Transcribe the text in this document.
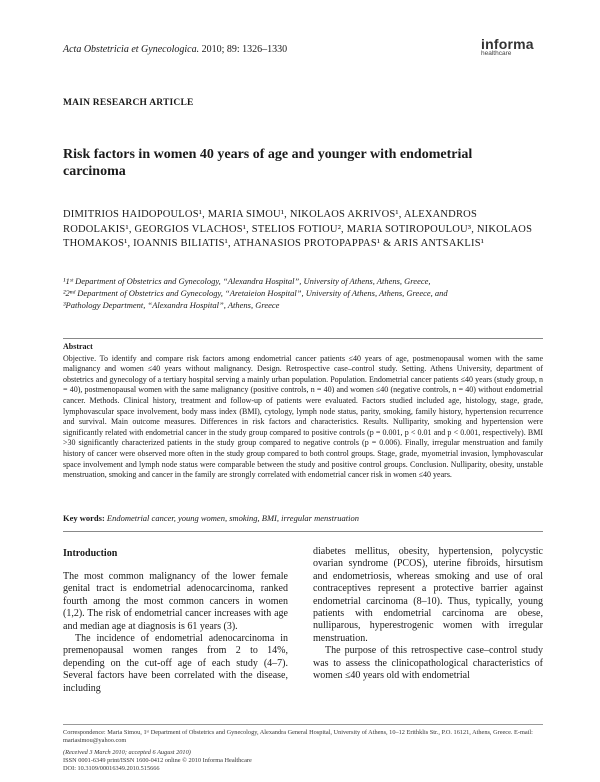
Acta Obstetricia et Gynecologica. 2010; 89: 1326–1330	informa
healthcare
MAIN RESEARCH ARTICLE
Risk factors in women 40 years of age and younger with endometrial carcinoma
DIMITRIOS HAIDOPOULOS¹, MARIA SIMOU¹, NIKOLAOS AKRIVOS¹, ALEXANDROS RODOLAKIS¹, GEORGIOS VLACHOS¹, STELIOS FOTIOU², MARIA SOTIROPOULOU³, NIKOLAOS THOMAKOS¹, IOANNIS BILIATIS¹, ATHANASIOS PROTOPAPPAS¹ & ARIS ANTSAKLIS¹
¹1ˢᵗ Department of Obstetrics and Gynecology, “Alexandra Hospital”, University of Athens, Athens, Greece,
²2ⁿᵈ Department of Obstetrics and Gynecology, “Aretaieion Hospital”, University of Athens, Athens, Greece, and
³Pathology Department, “Alexandra Hospital”, Athens, Greece
Abstract
Objective. To identify and compare risk factors among endometrial cancer patients ≤40 years of age, postmenopausal women with the same malignancy and women ≤40 years without malignancy. Design. Retrospective case–control study. Setting. Athens University, department of obstetrics and gynecology of a tertiary hospital serving a mainly urban population. Population. Endometrial cancer patients ≤40 years (study group, n = 40), postmenopausal women with the same malignancy (positive controls, n = 40) and women ≤40 (negative controls, n = 40) without endometrial cancer. Methods. Clinical history, treatment and follow-up of patients were evaluated. Factors studied included age, histology, stage, grade, lymphovascular space involvement, body mass index (BMI), cytology, lymph node status, parity, smoking, family history, hypertension recurrence and survival. Main outcome measures. Differences in risk factors and characteristics. Results. Nulliparity, smoking and hypertension were significantly related with endometrial cancer in the study group compared to positive controls (p = 0.001, p < 0.01 and p < 0.001, respectively). BMI >30 significantly characterized patients in the study group compared to negative controls (p = 0.006). Finally, irregular menstruation and family history of cancer were observed more often in the study group compared to both control groups. Stage, grade, myometrial invasion, lymphovascular space involvement and lymph node status were comparable between the study and positive control groups. Conclusion. Nulliparity, obesity, unstable menstruation, smoking and cancer in the family are strongly correlated with endometrial cancer risk in women ≤40 years.
Key words: Endometrial cancer, young women, smoking, BMI, irregular menstruation
Introduction

The most common malignancy of the lower female genital tract is endometrial adenocarcinoma, ranked fourth among the most common cancers in women (1,2). The risk of endometrial cancer increases with age and median age at diagnosis is 61 years (3).

The incidence of endometrial adenocarcinoma in premenopausal women ranges from 2 to 14%, depending on the cut-off age of each study (4–7). Several factors have been correlated with the disease, including

diabetes mellitus, obesity, hypertension, polycystic ovarian syndrome (PCOS), uterine fibroids, hirsutism and endometriosis, whereas smoking and use of oral contraceptives represent a protective barrier against endometrial carcinoma (8–10). Thus, typically, young patients with endometrial carcinoma are obese, nulliparous, hyperestrogenic women with irregular menstruation.

The purpose of this retrospective case–control study was to assess the clinicopathological characteristics of women ≤40 years old with endometrial

Correspondence: Maria Simou, 1ˢᵗ Department of Obstetrics and Gynecology, Alexandra General Hospital, University of Athens, 10–12 Erithklis Str., P.O. 16121, Athens, Greece. E-mail: mariasimou@yahoo.com
(Received 3 March 2010; accepted 6 August 2010)
ISSN 0001-6349 print/ISSN 1600-0412 online © 2010 Informa Healthcare
DOI: 10.3109/00016349.2010.515666
